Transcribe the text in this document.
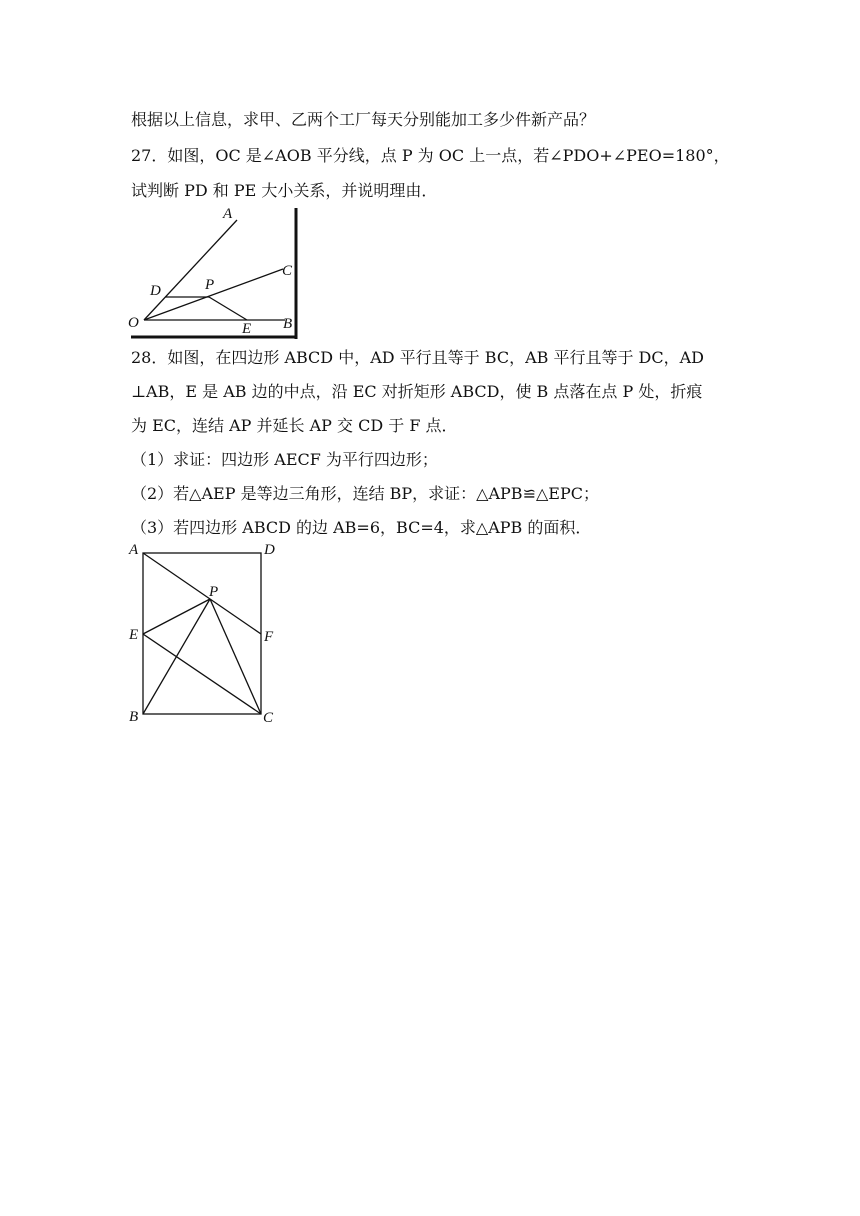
根据以上信息，求甲、乙两个工厂每天分别能加工多少件新产品？
27．如图，OC 是∠AOB 平分线，点 P 为 OC 上一点，若∠PDO+∠PEO=180°，
试判断 PD 和 PE 大小关系，并说明理由．
28．如图，在四边形 ABCD 中，AD 平行且等于 BC，AB 平行且等于 DC，AD
⊥AB，E 是 AB 边的中点，沿 EC 对折矩形 ABCD，使 B 点落在点 P 处，折痕
为 EC，连结 AP 并延长 AP 交 CD 于 F 点．
（1）求证：四边形 AECF 为平行四边形；
（2）若△AEP 是等边三角形，连结 BP，求证：△APB≌△EPC；
（3）若四边形 ABCD 的边 AB=6，BC=4，求△APB 的面积．
A
C
D	P
O	E B
A	D
P
E	F
B	C
